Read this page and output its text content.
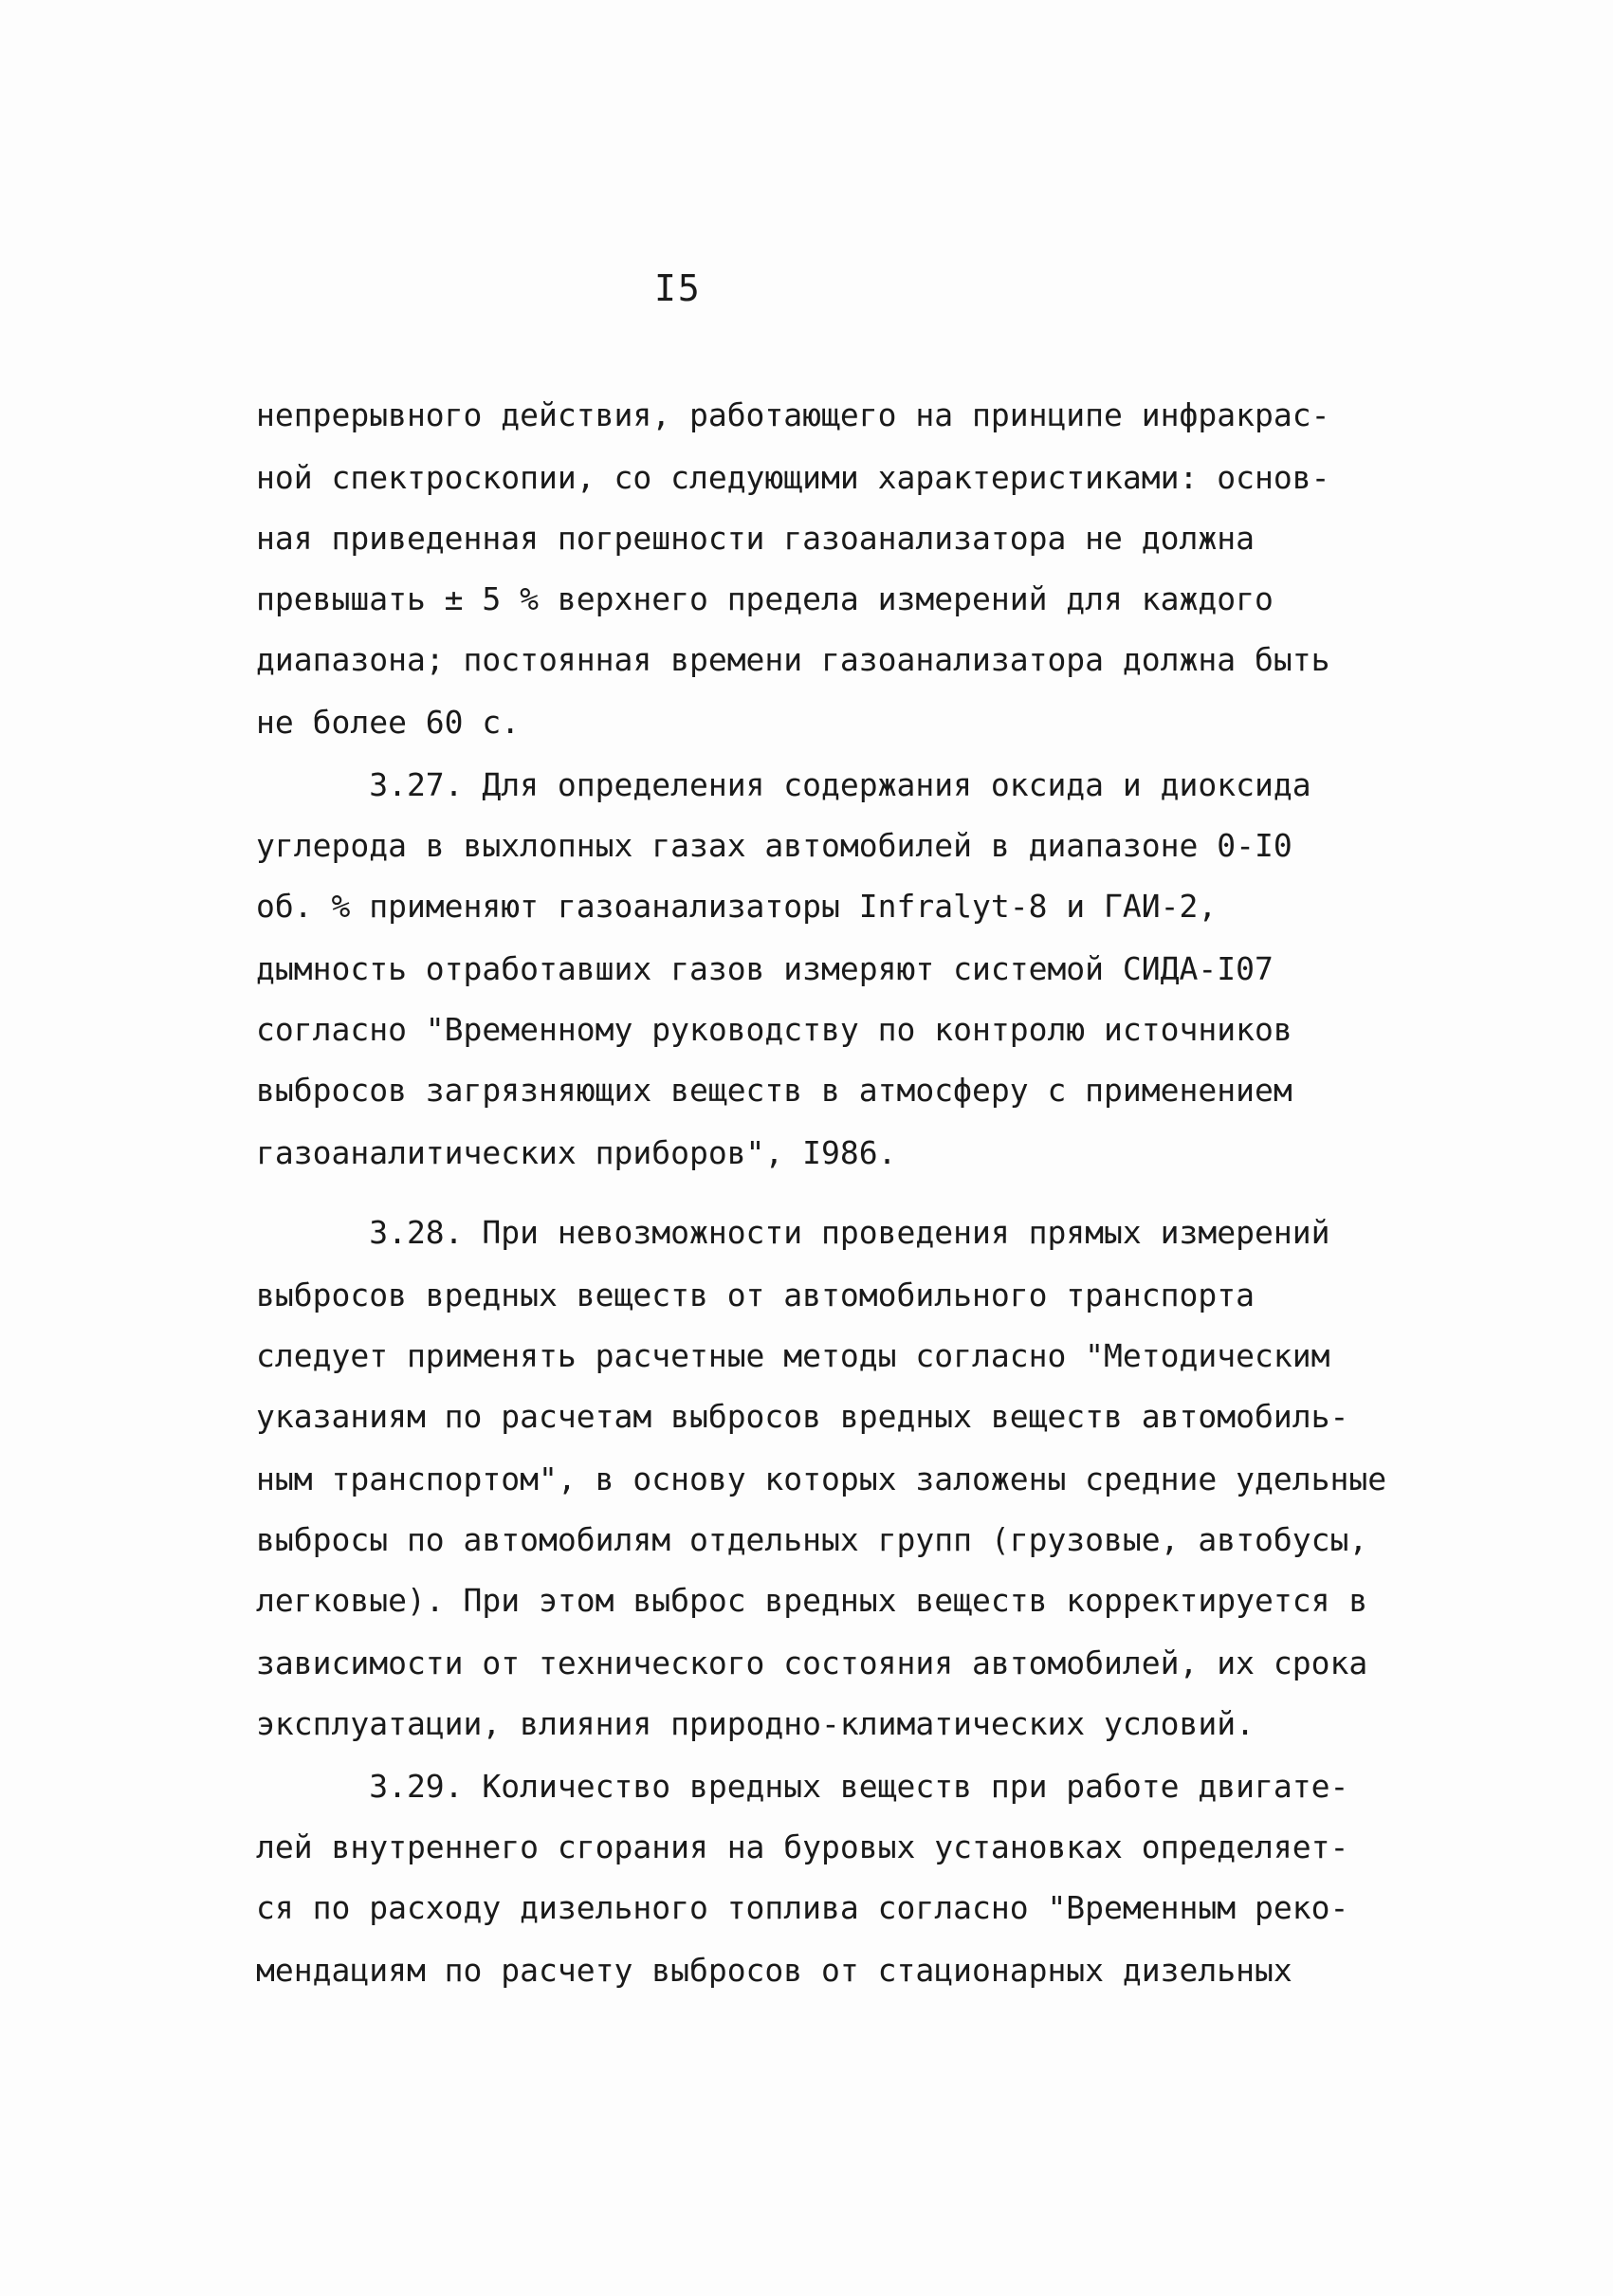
I5
непрерывного действия, работающего на принципе инфракрас-
ной спектроскопии, со следующими характеристиками: основ-
ная приведенная погрешности газоанализатора не должна
превышать ± 5 % верхнего предела измерений для каждого
диапазона; постоянная времени газоанализатора должна быть
не более 60 с.
3.27. Для определения содержания оксида и диоксида
углерода в выхлопных газах автомобилей в диапазоне 0-I0
об. % применяют газоанализаторы Infralyt-8 и ГАИ-2,
дымность отработавших газов измеряют системой СИДА-I07
согласно "Временному руководству по контролю источников
выбросов загрязняющих веществ в атмосферу с применением
газоаналитических приборов", I986.
3.28. При невозможности проведения прямых измерений
выбросов вредных веществ от автомобильного транспорта
следует применять расчетные методы согласно "Методическим
указаниям по расчетам выбросов вредных веществ автомобиль-
ным транспортом", в основу которых заложены средние удельные
выбросы по автомобилям отдельных групп (грузовые, автобусы,
легковые). При этом выброс вредных веществ корректируется в
зависимости от технического состояния автомобилей, их срока
эксплуатации, влияния природно-климатических условий.
3.29. Количество вредных веществ при работе двигате-
лей внутреннего сгорания на буровых установках определяет-
ся по расходу дизельного топлива согласно "Временным реко-
мендациям по расчету выбросов от стационарных дизельных
